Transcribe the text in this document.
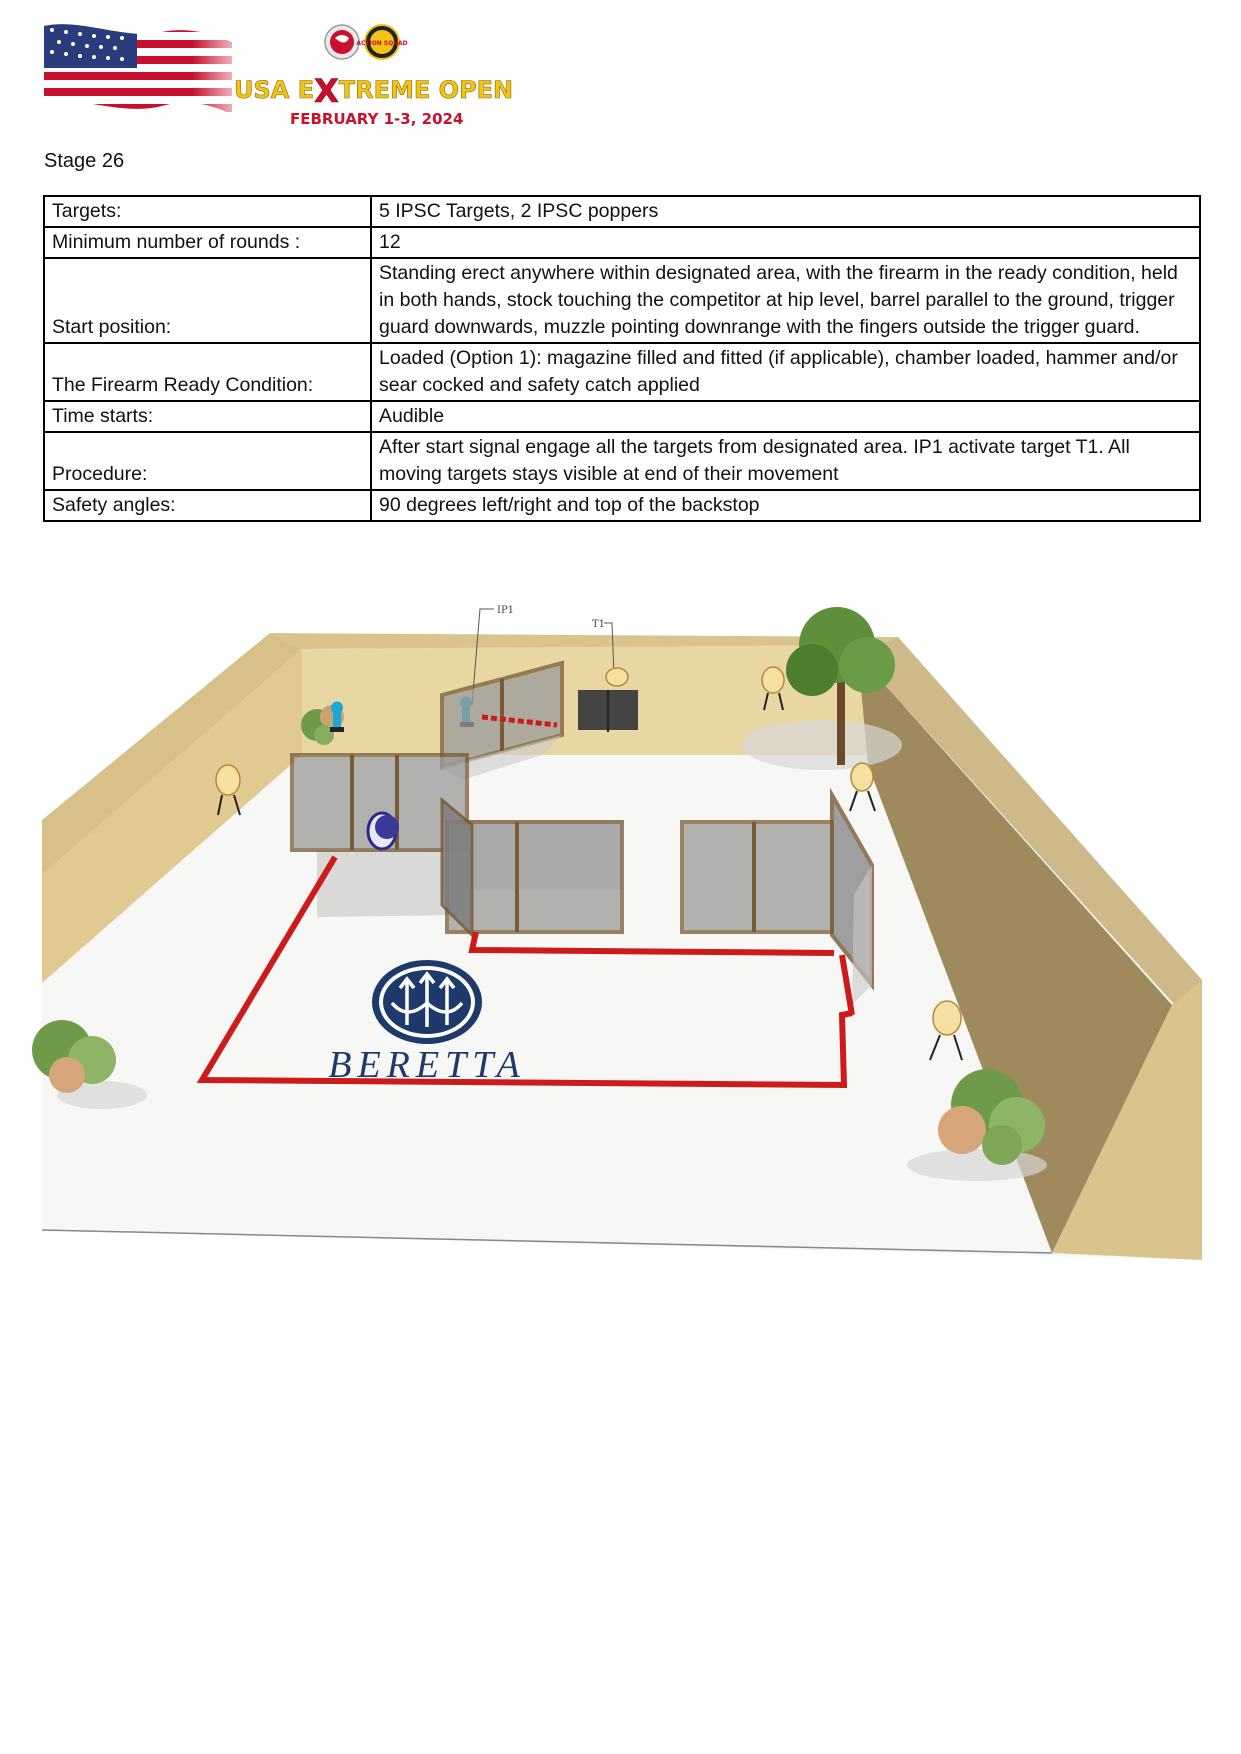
ACTION SQUAD
USA EXTREME OPEN
FEBRUARY 1-3, 2024
Stage 26
Targets:	5 IPSC Targets, 2 IPSC poppers
Minimum number of rounds :	12
Start position:	Standing erect anywhere within designated area, with the firearm in the ready condition, held in both hands, stock touching the competitor at hip level, barrel parallel to the ground, trigger guard downwards, muzzle pointing downrange with the fingers outside the trigger guard.
The Firearm Ready Condition:	Loaded (Option 1): magazine filled and fitted (if applicable), chamber loaded, hammer and/or sear cocked and safety catch applied
Time starts:	Audible
Procedure:	After start signal engage all the targets from designated area. IP1 activate target T1. All moving targets stays visible at end of their movement
Safety angles:	90 degrees left/right and top of the backstop
IP1
T1
BERETTA
